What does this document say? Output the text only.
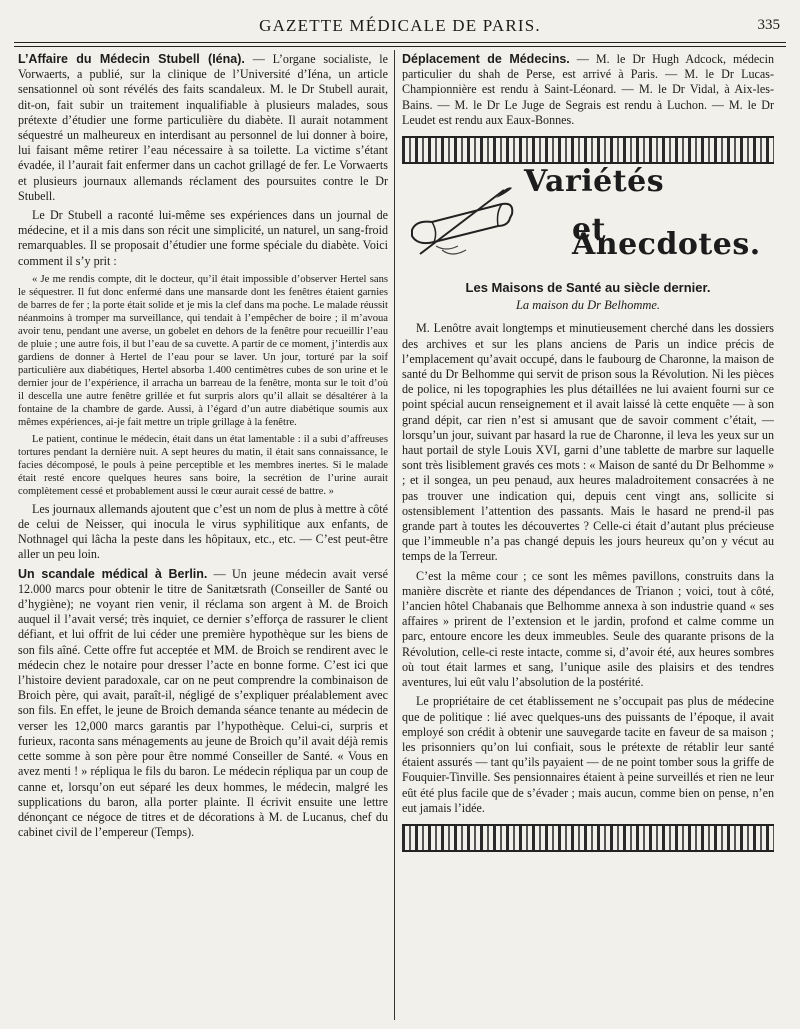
GAZETTE MÉDICALE DE PARIS.	335

L’Affaire du Médecin Stubell (Iéna). — L’organe socialiste, le Vorwaerts, a publié, sur la clinique de l’Université d’Iéna, un article sensationnel où sont révélés des faits scandaleux. M. le Dr Stubell aurait, dit-on, fait subir un traitement inqualifiable à plusieurs malades, sous prétexte d’étudier une forme particulière du diabète. Il aurait notamment séquestré un malheureux en interdisant au personnel de lui donner à boire, lui faisant même retirer l’eau nécessaire à sa toilette. La victime s’étant évadée, il l’aurait fait enfermer dans un cachot grillagé de fer. Le Vorwaerts et plusieurs journaux allemands réclament des poursuites contre le Dr Stubell.

Le Dr Stubell a raconté lui-même ses expériences dans un journal de médecine, et il a mis dans son récit une simplicité, un naturel, un sang-froid remarquables. Il se proposait d’étudier une forme spéciale du diabète. Voici comment il s’y prit :

« Je me rendis compte, dit le docteur, qu’il était impossible d’observer Hertel sans le séquestrer. Il fut donc enfermé dans une mansarde dont les fenêtres étaient garnies de barres de fer ; la porte était solide et je mis la clef dans ma poche. Le malade réussit néanmoins à tromper ma surveillance, qui tendait à l’empêcher de boire ; il m’avoua avoir tenu, pendant une averse, un gobelet en dehors de la fenêtre pour recueillir l’eau de pluie ; une autre fois, il but l’eau de sa cuvette. A partir de ce moment, j’interdis aux gardiens de donner à Hertel de l’eau pour se laver. Un jour, torturé par la soif particulière aux diabétiques, Hertel absorba 1.400 centimètres cubes de son urine et le dernier jour de l’expérience, il arracha un barreau de la fenêtre, monta sur le toit d’où il descella une autre fenêtre grillée et fut surpris alors qu’il allait se désaltérer à la fontaine de la chambre de garde. Aussi, à l’égard d’un autre diabétique soumis aux mêmes expériences, ai-je fait mettre un triple grillage à la fenêtre.

Le patient, continue le médecin, était dans un état lamentable : il a subi d’affreuses tortures pendant la dernière nuit. A sept heures du matin, il était sans connaissance, le facies décomposé, le pouls à peine perceptible et les membres inertes. Si le malade était resté encore quelques heures sans boire, la secrétion de l’urine aurait complètement cessé et probablement aussi le cœur aurait cessé de battre. »

Les journaux allemands ajoutent que c’est un nom de plus à mettre à côté de celui de Neisser, qui inocula le virus syphilitique aux enfants, de Nothnagel qui lâcha la peste dans les hôpitaux, etc., etc. — C’est peut-être aller un peu loin.

Un scandale médical à Berlin. — Un jeune médecin avait versé 12.000 marcs pour obtenir le titre de Sanitætsrath (Conseiller de Santé ou d’hygiène); ne voyant rien venir, il réclama son argent à M. de Broich auquel il l’avait versé; très inquiet, ce dernier s’efforça de rassurer le client défiant, et lui offrit de lui céder une première hypothèque sur les biens de son fils aîné. Cette offre fut acceptée et MM. de Broich se rendirent avec le médecin chez le notaire pour dresser l’acte en bonne forme. C’est ici que l’histoire devient paradoxale, car on ne peut comprendre la combinaison de Broich père, qui avait, paraît-il, négligé de s’expliquer préalablement avec son fils. En effet, le jeune de Broich demanda séance tenante au médecin de verser les 12,000 marcs garantis par l’hypothèque. Celui-ci, surpris et furieux, raconta sans ménagements au jeune de Broich qu’il avait déjà remis cette somme à son père pour être nommé Conseiller de Santé. « Vous en avez menti ! » répliqua le fils du baron. Le médecin répliqua par un coup de canne et, lorsqu’on eut séparé les deux hommes, le médecin, malgré les supplications du baron, alla porter plainte. Il écrivit ensuite une lettre dénonçant ce négoce de titres et de décorations à M. de Lucanus, chef du cabinet civil de l’empereur (Temps).

Déplacement de Médecins. — M. le Dr Hugh Adcock, médecin particulier du shah de Perse, est arrivé à Paris. — M. le Dr Lucas-Championnière est rendu à Saint-Léonard. — M. le Dr Vidal, à Aix-les-Bains. — M. le Dr Le Juge de Segrais est rendu à Luchon. — M. le Dr Leudet est rendu aux Eaux-Bonnes.

Variétés
et Anecdotes.
Les Maisons de Santé au siècle dernier.
La maison du Dr Belhomme.

M. Lenôtre avait longtemps et minutieusement cherché dans les dossiers des archives et sur les plans anciens de Paris un indice précis de l’emplacement qu’avait occupé, dans le faubourg de Charonne, la maison de santé du Dr Belhomme qui servit de prison sous la Révolution. Ni les pièces de police, ni les topographies les plus détaillées ne lui avaient fourni sur ce point spécial aucun renseignement et il avait laissé là cette enquête — à son grand dépit, car rien n’est si amusant que de savoir comment c’était, — lorsqu’un jour, suivant par hasard la rue de Charonne, il leva les yeux sur un haut portail de style Louis XVI, garni d’une tablette de marbre sur laquelle sont très lisiblement gravés ces mots : « Maison de santé du Dr Belhomme » ; et il songea, un peu penaud, aux heures maladroitement consacrées à ne pas trouver une indication qui, depuis cent vingt ans, sollicite si ostensiblement l’attention des passants. Mais le hasard ne prend-il pas grande part à toutes les découvertes ? Celle-ci était d’autant plus précieuse que l’immeuble n’a pas changé depuis les jours heureux qu’on y vécut au temps de la Terreur.

C’est la même cour ; ce sont les mêmes pavillons, construits dans la manière discrète et riante des dépendances de Trianon ; voici, tout à côté, l’ancien hôtel Chabanais que Belhomme annexa à son industrie quand « ses affaires » prirent de l’extension et le jardin, profond et calme comme un parc, entoure encore les deux immeubles. Seule des quarante prisons de la Révolution, celle-ci reste intacte, comme si, d’avoir été, aux heures sombres où tout était larmes et sang, l’unique asile des plaisirs et des tendres aventures, lui eût valu l’absolution de la postérité.

Le propriétaire de cet établissement ne s’occupait pas plus de médecine que de politique : lié avec quelques-uns des puissants de l’époque, il avait employé son crédit à obtenir une sauvegarde tacite en faveur de sa maison ; les prisonniers qu’on lui confiait, sous le prétexte de rétablir leur santé étaient assurés — tant qu’ils payaient — de ne point tomber sous la griffe de Fouquier-Tinville. Ses pensionnaires étaient à peine surveillés et rien ne leur eût été plus facile que de s’évader ; mais aucun, comme bien on pense, n’en eut jamais l’idée.
